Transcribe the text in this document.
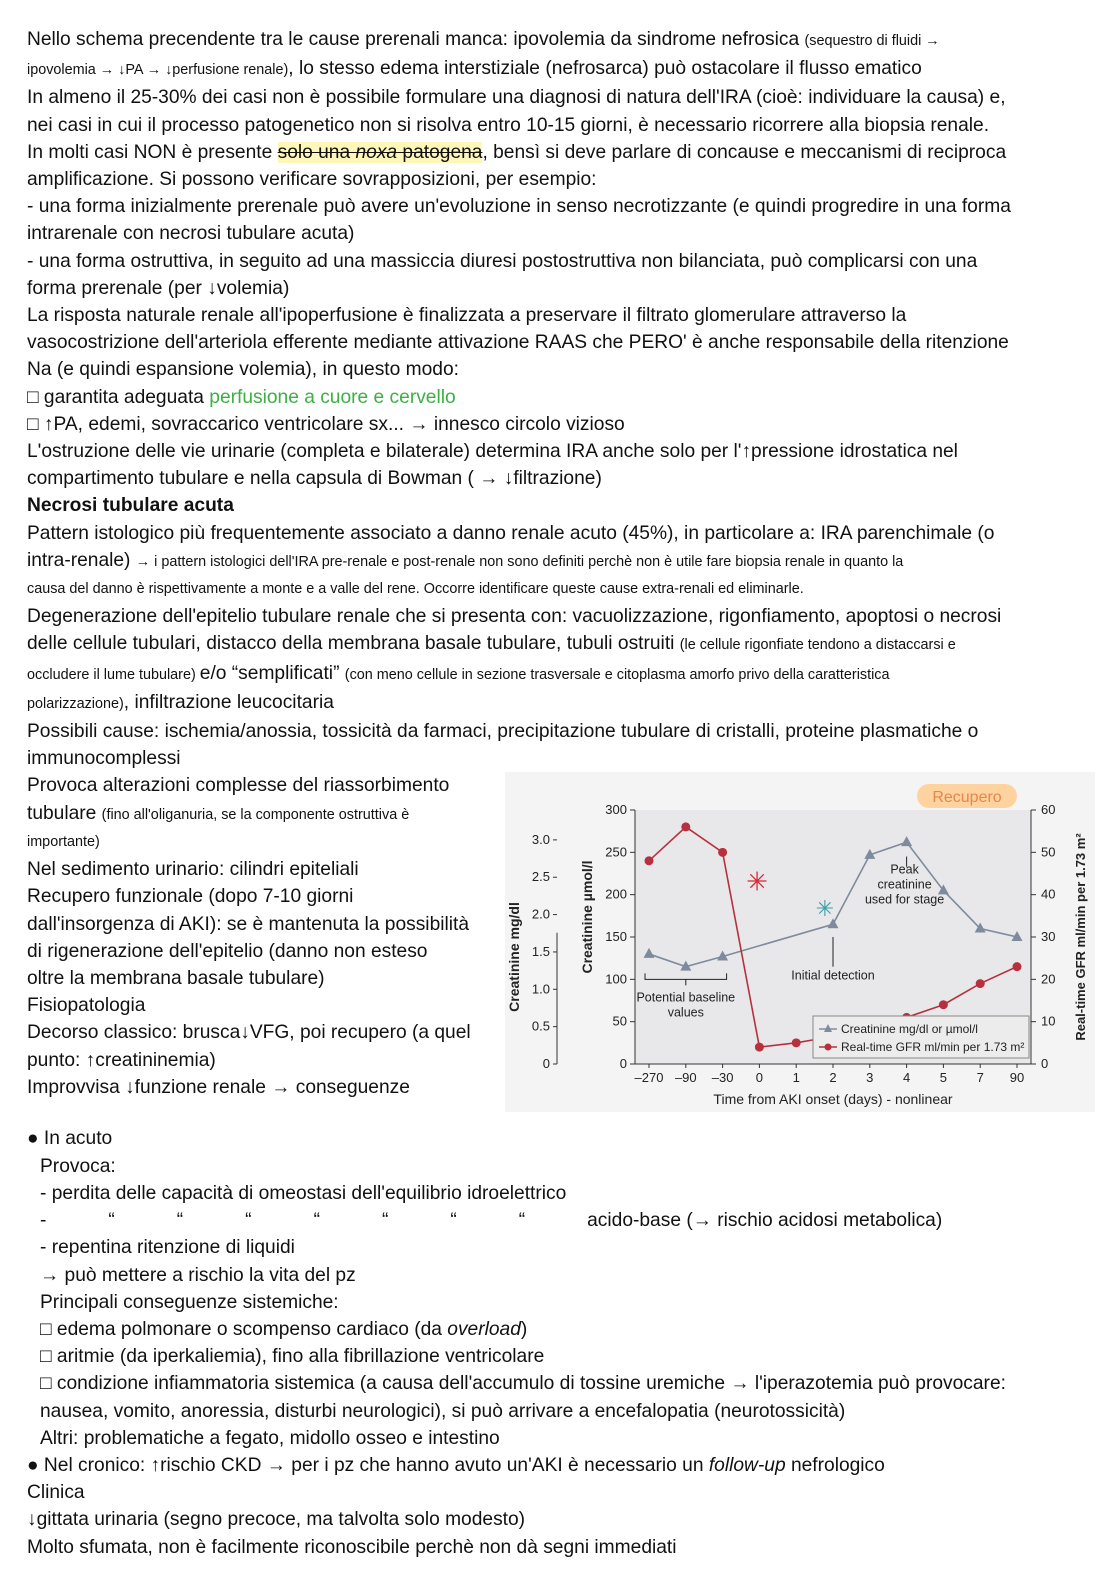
Nello schema precendente tra le cause prerenali manca: ipovolemia da sindrome nefrosica (sequestro di fluidi →
ipovolemia → ↓PA → ↓perfusione renale), lo stesso edema interstiziale (nefrosarca) può ostacolare il flusso ematico
In almeno il 25-30% dei casi non è possibile formulare una diagnosi di natura dell'IRA (cioè: individuare la causa) e,
nei casi in cui il processo patogenetico non si risolva entro 10-15 giorni, è necessario ricorrere alla biopsia renale.
In molti casi NON è presente solo una noxa patogena, bensì si deve parlare di concause e meccanismi di reciproca
amplificazione. Si possono verificare sovrapposizioni, per esempio:
- una forma inizialmente prerenale può avere un'evoluzione in senso necrotizzante (e quindi progredire in una forma
intrarenale con necrosi tubulare acuta)
- una forma ostruttiva, in seguito ad una massiccia diuresi postostruttiva non bilanciata, può complicarsi con una
forma prerenale (per ↓volemia)
La risposta naturale renale all'ipoperfusione è finalizzata a preservare il filtrato glomerulare attraverso la
vasocostrizione dell'arteriola efferente mediante attivazione RAAS che PERO' è anche responsabile della ritenzione
Na (e quindi espansione volemia), in questo modo:
□ garantita adeguata perfusione a cuore e cervello
□ ↑PA, edemi, sovraccarico ventricolare sx... → innesco circolo vizioso
L'ostruzione delle vie urinarie (completa e bilaterale) determina IRA anche solo per l'↑pressione idrostatica nel
compartimento tubulare e nella capsula di Bowman ( → ↓filtrazione)
Necrosi tubulare acuta
Pattern istologico più frequentemente associato a danno renale acuto (45%), in particolare a: IRA parenchimale (o
intra-renale) → i pattern istologici dell'IRA pre-renale e post-renale non sono definiti perchè non è utile fare biopsia renale in quanto la
causa del danno è rispettivamente a monte e a valle del rene. Occorre identificare queste cause extra-renali ed eliminarle.
Degenerazione dell'epitelio tubulare renale che si presenta con: vacuolizzazione, rigonfiamento, apoptosi o necrosi
delle cellule tubulari, distacco della membrana basale tubulare, tubuli ostruiti (le cellule rigonfiate tendono a distaccarsi e
occludere il lume tubulare) e/o “semplificati” (con meno cellule in sezione trasversale e citoplasma amorfo privo della caratteristica
polarizzazione), infiltrazione leucocitaria
Possibili cause: ischemia/anossia, tossicità da farmaci, precipitazione tubulare di cristalli, proteine plasmatiche o
immunocomplessi
Provoca alterazioni complesse del riassorbimento
tubulare (fino all'oliganuria, se la componente ostruttiva è
importante)
Nel sedimento urinario: cilindri epiteliali
Recupero funzionale (dopo 7-10 giorni
dall'insorgenza di AKI): se è mantenuta la possibilità
di rigenerazione dell'epitelio (danno non esteso
oltre la membrana basale tubulare)
Fisiopatologia
Decorso classico: brusca↓VFG, poi recupero (a quel
punto: ↑creatininemia)
Improvvisa ↓funzione renale → conseguenze
Recupero
0
50
100
150
200
250
300
0
0.5
1.0
1.5
2.0
2.5
3.0
0
10
20
30
40
50
60
–270 –90 –30 0 1 2 3 4 5 7 90
Time from AKI onset (days) - nonlinear
Creatinine mg/dl	Creatinine µmol/l	Real-time GFR ml/min per 1.73 m²
✳
✳
Initial detection
Peak
creatinine
used for stage
Potential baseline
values
Creatinine mg/dl or µmol/l
Real-time GFR ml/min per 1.73 m²
● In acuto
Provoca:
- perdita delle capacità di omeostasi dell'equilibrio idroelettrico
-	“	“	“	“	“	“	“	acido-base (→ rischio acidosi metabolica)
- repentina ritenzione di liquidi
→ può mettere a rischio la vita del pz
Principali conseguenze sistemiche:
□ edema polmonare o scompenso cardiaco (da overload)
□ aritmie (da iperkaliemia), fino alla fibrillazione ventricolare
□ condizione infiammatoria sistemica (a causa dell'accumulo di tossine uremiche → l'iperazotemia può provocare:
nausea, vomito, anoressia, disturbi neurologici), si può arrivare a encefalopatia (neurotossicità)
Altri: problematiche a fegato, midollo osseo e intestino
● Nel cronico: ↑rischio CKD → per i pz che hanno avuto un'AKI è necessario un follow-up nefrologico
Clinica
↓gittata urinaria (segno precoce, ma talvolta solo modesto)
Molto sfumata, non è facilmente riconoscibile perchè non dà segni immediati
